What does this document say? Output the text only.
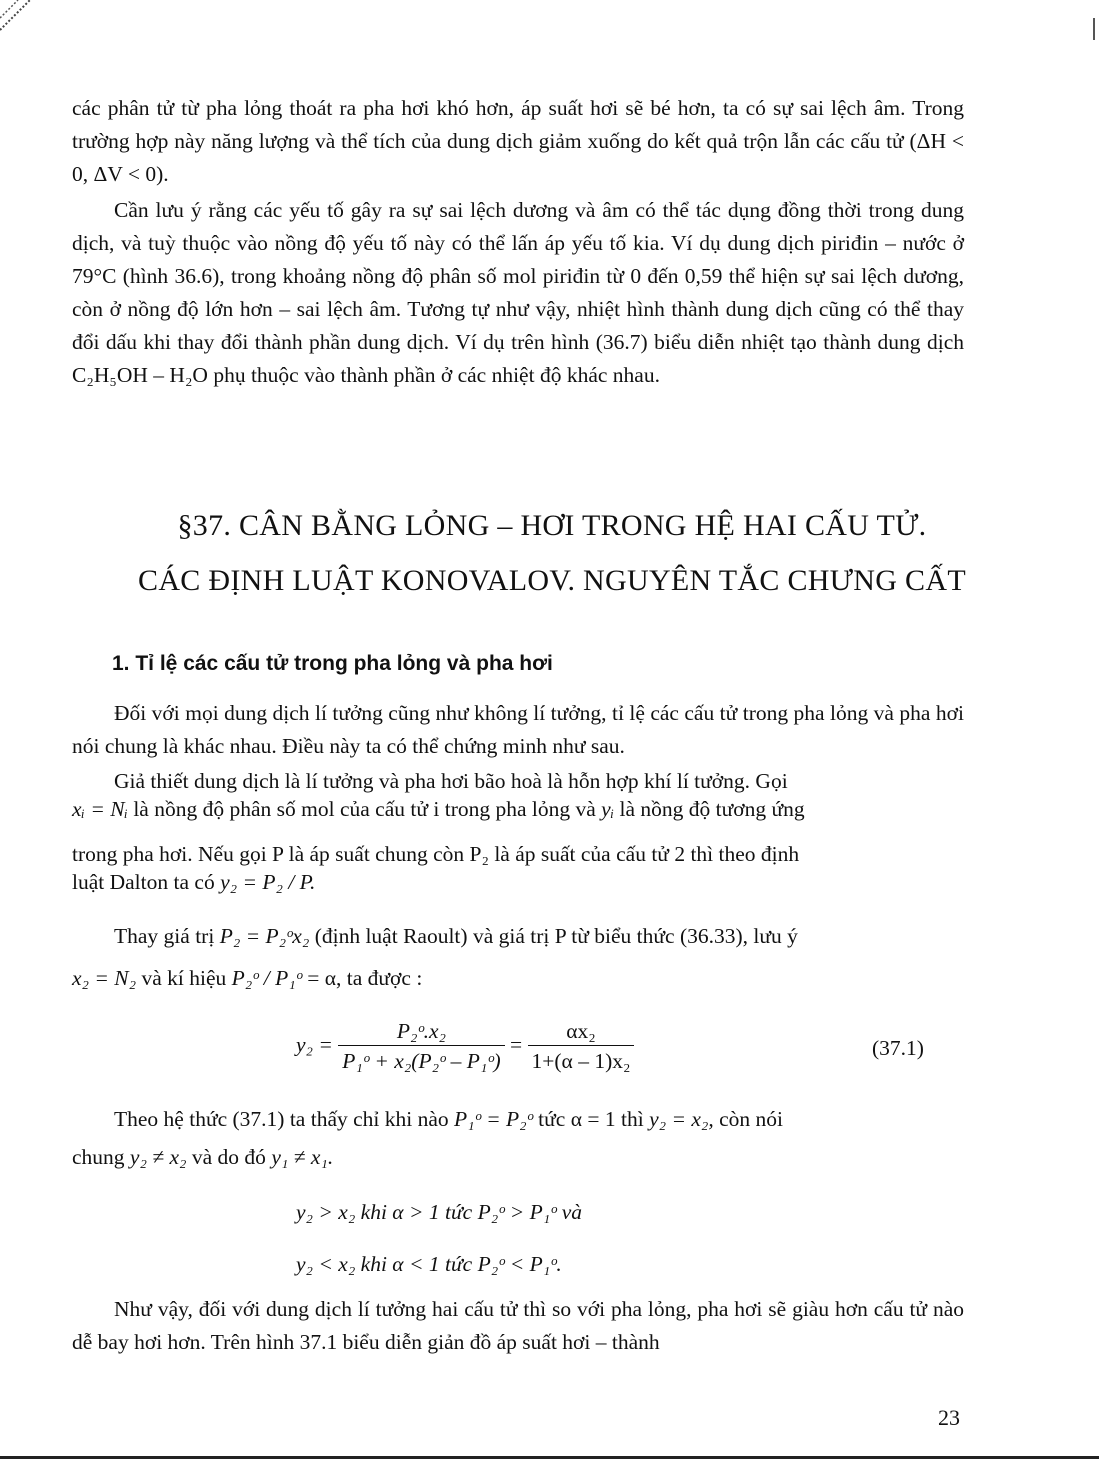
các phân tử từ pha lỏng thoát ra pha hơi khó hơn, áp suất hơi sẽ bé hơn, ta có sự sai lệch âm. Trong trường hợp này năng lượng và thể tích của dung dịch giảm xuống do kết quả trộn lẫn các cấu tử (ΔH < 0, ΔV < 0).

Cần lưu ý rằng các yếu tố gây ra sự sai lệch dương và âm có thể tác dụng đồng thời trong dung dịch, và tuỳ thuộc vào nồng độ yếu tố này có thể lấn áp yếu tố kia. Ví dụ dung dịch piriđin – nước ở 79°C (hình 36.6), trong khoảng nồng độ phân số mol piriđin từ 0 đến 0,59 thể hiện sự sai lệch dương, còn ở nồng độ lớn hơn – sai lệch âm. Tương tự như vậy, nhiệt hình thành dung dịch cũng có thể thay đổi dấu khi thay đổi thành phần dung dịch. Ví dụ trên hình (36.7) biểu diễn nhiệt tạo thành dung dịch C₂H₅OH – H₂O phụ thuộc vào thành phần ở các nhiệt độ khác nhau.

§37. CÂN BẰNG LỎNG – HƠI TRONG HỆ HAI CẤU TỬ.
CÁC ĐỊNH LUẬT KONOVALOV. NGUYÊN TẮC CHƯNG CẤT
1. Tỉ lệ các cấu tử trong pha lỏng và pha hơi

Đối với mọi dung dịch lí tưởng cũng như không lí tưởng, tỉ lệ các cấu tử trong pha lỏng và pha hơi nói chung là khác nhau. Điều này ta có thể chứng minh như sau.

Giả thiết dung dịch là lí tưởng và pha hơi bão hoà là hỗn hợp khí lí tưởng. Gọi

xᵢ = Nᵢ là nồng độ phân số mol của cấu tử i trong pha lỏng và yᵢ là nồng độ tương ứng

trong pha hơi. Nếu gọi P là áp suất chung còn P₂ là áp suất của cấu tử 2 thì theo định

luật Dalton ta có y₂ = P₂ / P.
Thay giá trị P₂ = P₂ᵒx₂ (định luật Raoult) và giá trị P từ biểu thức (36.33), lưu ý
x₂ = N₂ và kí hiệu P₂ᵒ / P₁ᵒ = α, ta được :
$y_2 = \frac{\text{P₂ᵒ.x₂}}{\text{P₁ᵒ + x₂(P₂ᵒ – P₁ᵒ)}} = \frac{\text{αx₂}}{\text{1+(α – 1)x₂}}$	(37.1)
Theo hệ thức (37.1) ta thấy chỉ khi nào P₁ᵒ = P₂ᵒ tức α = 1 thì y₂ = x₂, còn nói
chung y₂ ≠ x₂ và do đó y₁ ≠ x₁.
y₂ > x₂ khi α > 1 tức P₂ᵒ > P₁ᵒ và
y₂ < x₂ khi α < 1 tức P₂ᵒ < P₁ᵒ.

Như vậy, đối với dung dịch lí tưởng hai cấu tử thì so với pha lỏng, pha hơi sẽ giàu hơn cấu tử nào dễ bay hơi hơn. Trên hình 37.1 biểu diễn giản đồ áp suất hơi – thành

23
